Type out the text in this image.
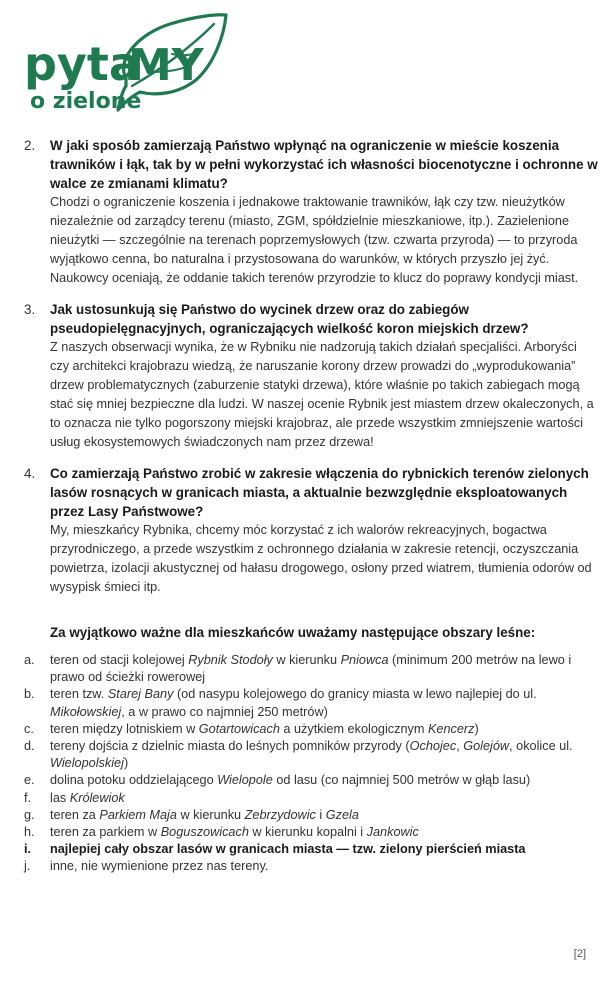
pyta
MY
o zielone
2.	W jaki sposób zamierzają Państwo wpłynąć na ograniczenie w mieście koszenia trawników i łąk, tak by w pełni wykorzystać ich własności biocenotyczne i ochronne w walce ze zmianami klimatu?
Chodzi o ograniczenie koszenia i jednakowe traktowanie trawników, łąk czy tzw. nieużytków niezależnie od zarządcy terenu (miasto, ZGM, spółdzielnie mieszkaniowe, itp.). Zazielenione nieużytki — szczególnie na terenach poprzemysłowych (tzw. czwarta przyroda) — to przyroda wyjątkowo cenna, bo naturalna i przystosowana do warunków, w których przyszło jej żyć. Naukowcy oceniają, że oddanie takich terenów przyrodzie to klucz do poprawy kondycji miast.
3.	Jak ustosunkują się Państwo do wycinek drzew oraz do zabiegów pseudopielęgnacyjnych, ograniczających wielkość koron miejskich drzew?
Z naszych obserwacji wynika, że w Rybniku nie nadzorują takich działań specjaliści. Arboryści czy architekci krajobrazu wiedzą, że naruszanie korony drzew prowadzi do „wyprodukowania” drzew problematycznych (zaburzenie statyki drzewa), które właśnie po takich zabiegach mogą stać się mniej bezpieczne dla ludzi. W naszej ocenie Rybnik jest miastem drzew okaleczonych, a to oznacza nie tylko pogorszony miejski krajobraz, ale przede wszystkim zmniejszenie wartości usług ekosystemowych świadczonych nam przez drzewa!
4.	Co zamierzają Państwo zrobić w zakresie włączenia do rybnickich terenów zielonych lasów rosnących w granicach miasta, a aktualnie bezwzględnie eksploatowanych przez Lasy Państwowe?
My, mieszkańcy Rybnika, chcemy móc korzystać z ich walorów rekreacyjnych, bogactwa przyrodniczego, a przede wszystkim z ochronnego działania w zakresie retencji, oczyszczania powietrza, izolacji akustycznej od hałasu drogowego, osłony przed wiatrem, tłumienia odorów od wysypisk śmieci itp.
Za wyjątkowo ważne dla mieszkańców uważamy następujące obszary leśne:
a.	teren od stacji kolejowej Rybnik Stodoły w kierunku Pniowca (minimum 200 metrów na lewo i prawo od ścieżki rowerowej
b.	teren tzw. Starej Bany (od nasypu kolejowego do granicy miasta w lewo najlepiej do ul. Mikołowskiej, a w prawo co najmniej 250 metrów)
c.	teren między lotniskiem w Gotartowicach a użytkiem ekologicznym Kencerz)
d.	tereny dojścia z dzielnic miasta do leśnych pomników przyrody (Ochojec, Golejów, okolice ul. Wielopolskiej)
e.	dolina potoku oddzielającego Wielopole od lasu (co najmniej 500 metrów w głąb lasu)
f.	las Królewiok
g.	teren za Parkiem Maja w kierunku Zebrzydowic i Gzela
h.	teren za parkiem w Boguszowicach w kierunku kopalni i Jankowic
i.	najlepiej cały obszar lasów w granicach miasta — tzw. zielony pierścień miasta
j.	inne, nie wymienione przez nas tereny.
[2]
